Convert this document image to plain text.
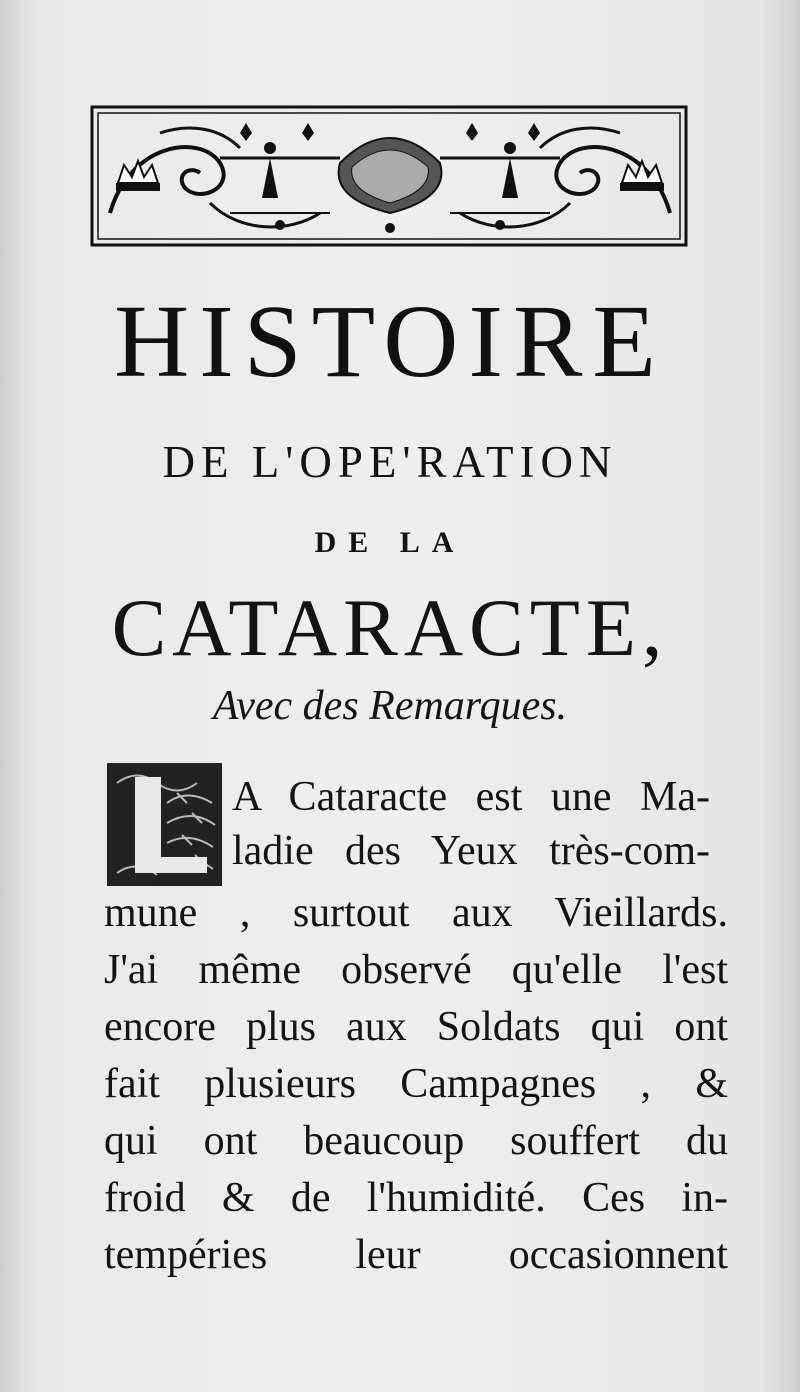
HISTOIRE
DE L'OPE'RATION
DE LA
CATARACTE,

Avec des Remarques.

A Cataracte est une Ma-

ladie des Yeux très-com-

mune , surtout aux Vieillards.

J'ai même observé qu'elle l'est

encore plus aux Soldats qui ont

fait plusieurs Campagnes , &

qui ont beaucoup souffert du

froid & de l'humidité. Ces in-

tempéries leur occasionnent
